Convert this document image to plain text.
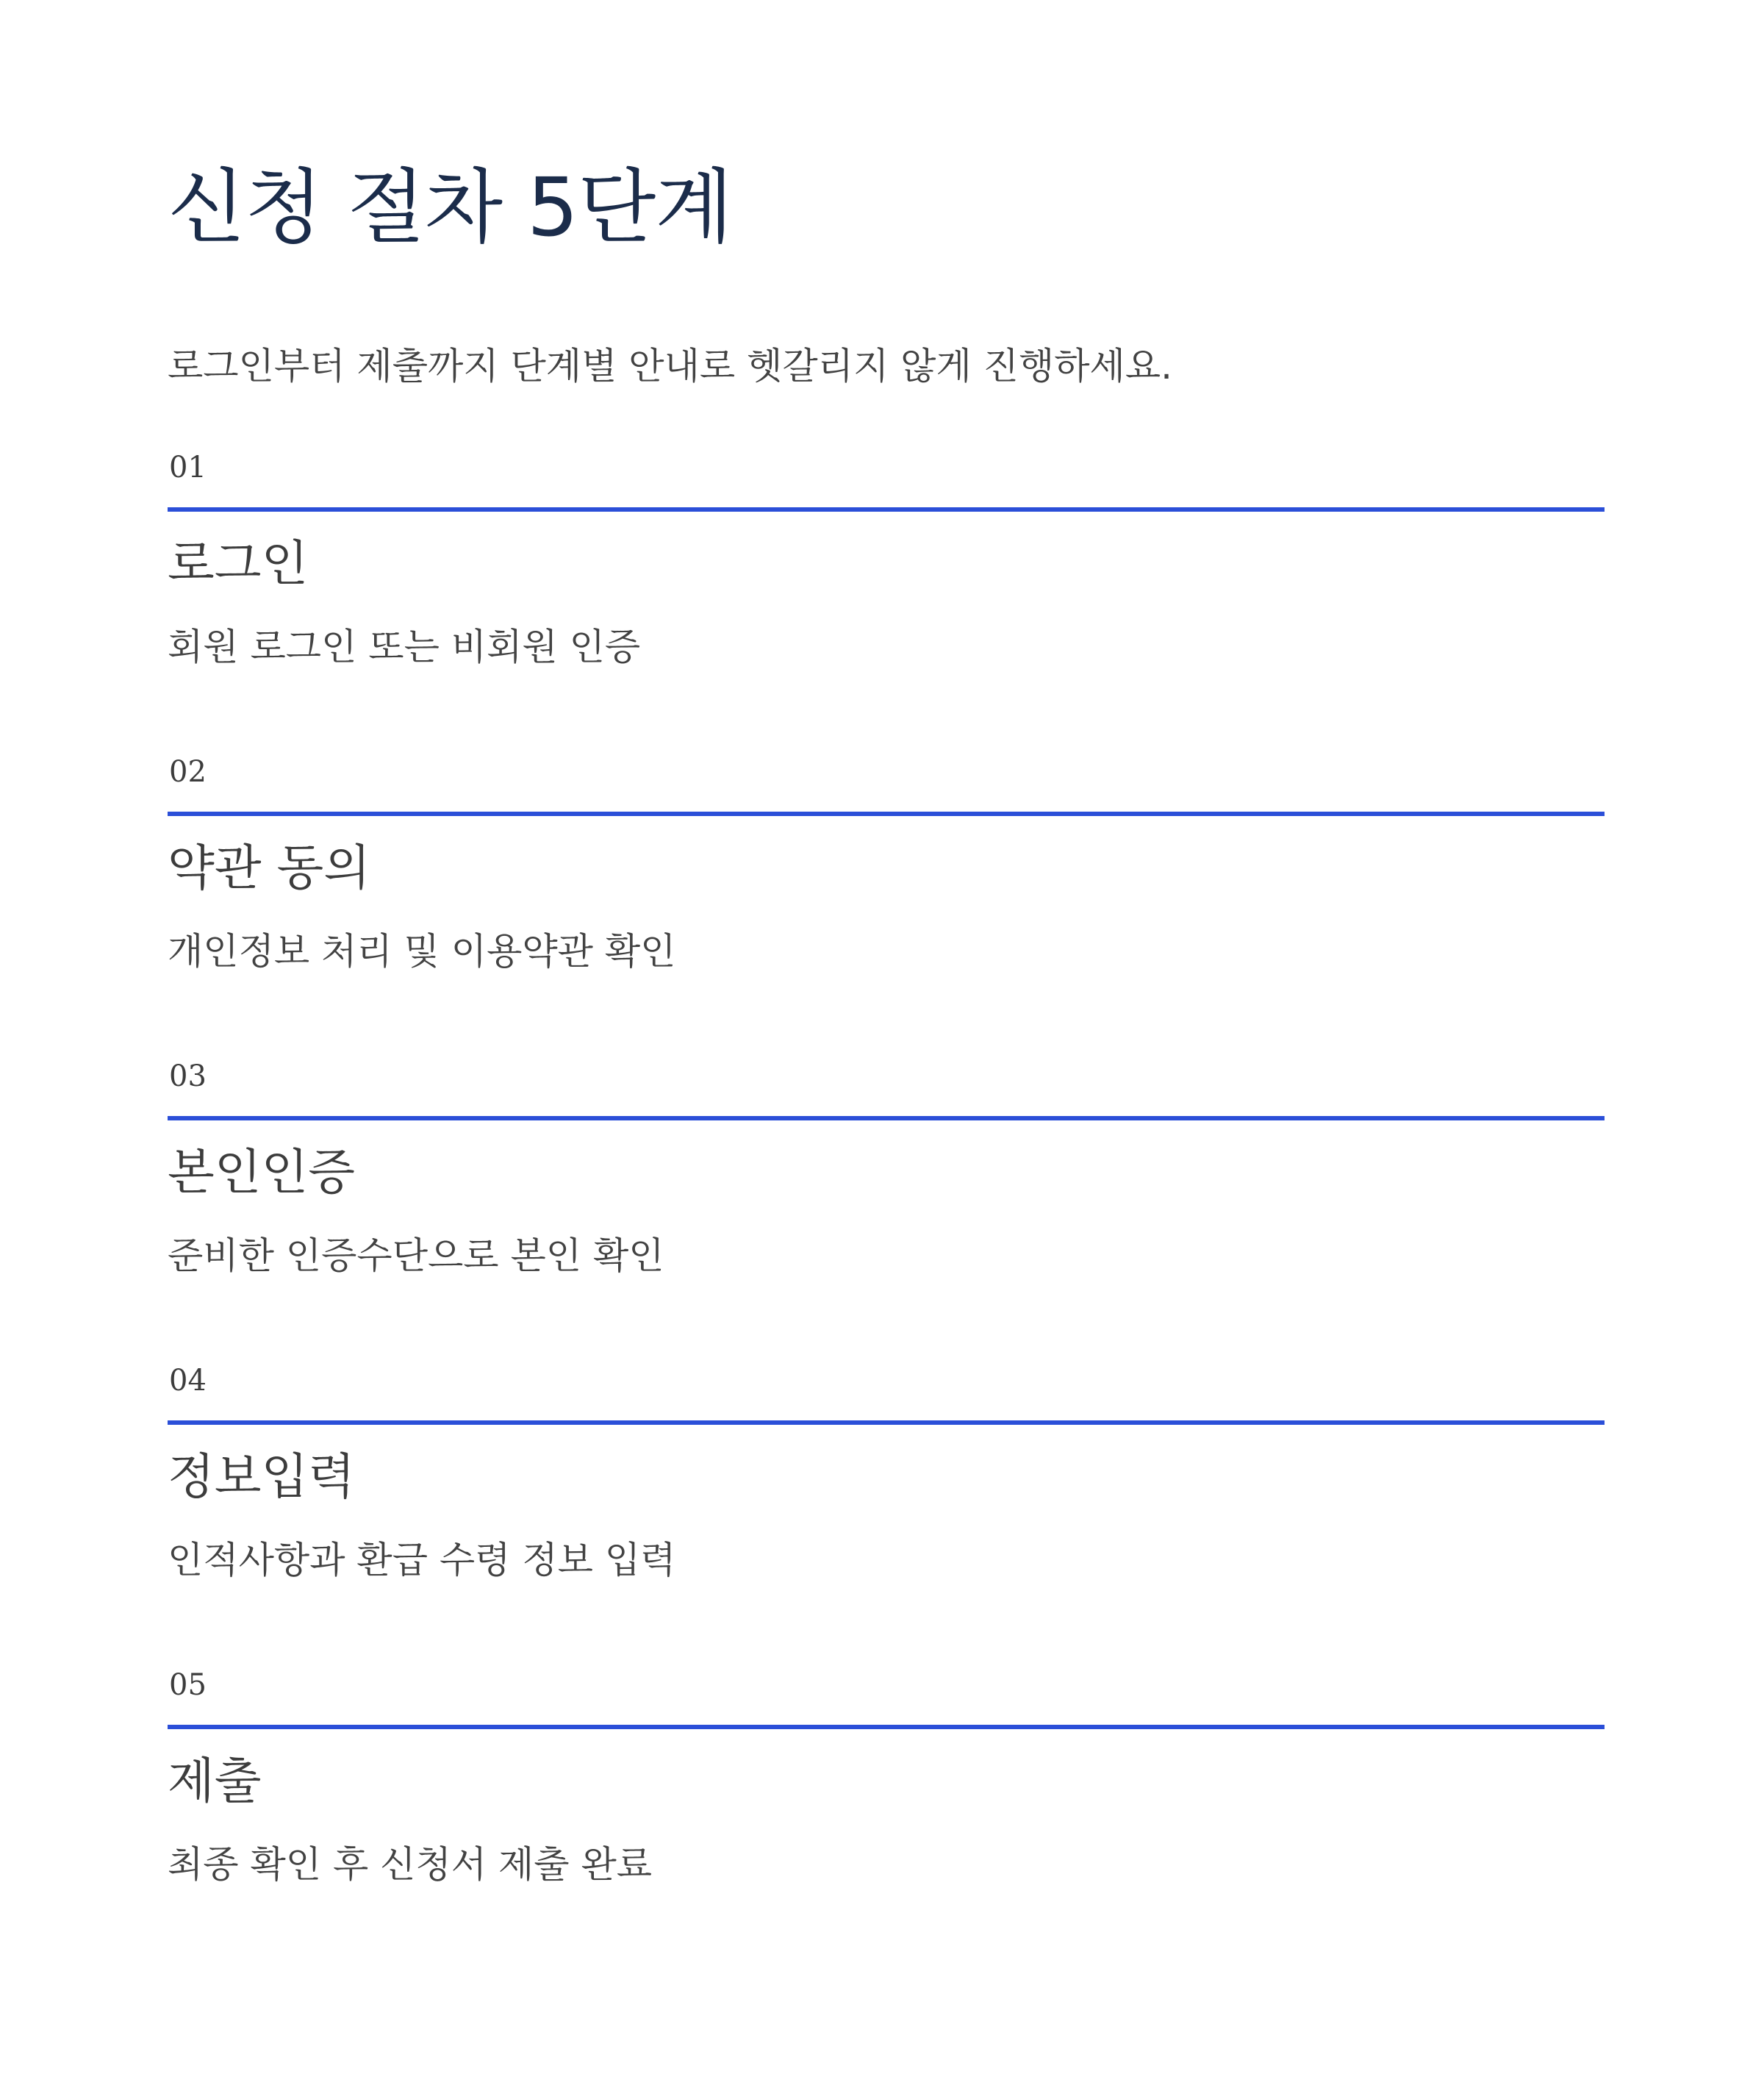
신청 절차 5단계

로그인부터 제출까지 단계별 안내로 헷갈리지 않게 진행하세요.

01
로그인

회원 로그인 또는 비회원 인증

02
약관 동의

개인정보 처리 및 이용약관 확인

03
본인인증

준비한 인증수단으로 본인 확인

04
정보입력

인적사항과 환급 수령 정보 입력

05
제출

최종 확인 후 신청서 제출 완료
